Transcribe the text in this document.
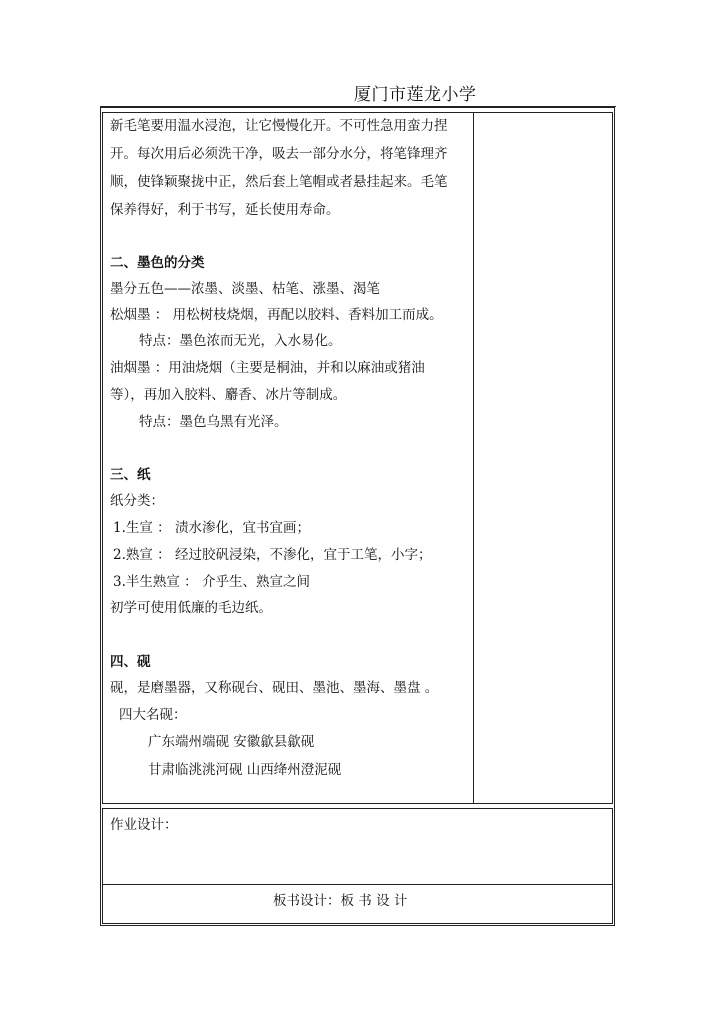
厦门市莲龙小学
新毛笔要用温水浸泡，让它慢慢化开。不可性急用蛮力捏
开。每次用后必须洗干净，吸去一部分水分，将笔锋理齐
顺，使锋颖聚拢中正，然后套上笔帽或者悬挂起来。毛笔
保养得好，利于书写，延长使用寿命。
二、墨色的分类
墨分五色——浓墨、淡墨、枯笔、涨墨、渴笔
松烟墨 ： 用松树枝烧烟，再配以胶料、香料加工而成。
特点：墨色浓而无光，入水易化。
油烟墨 ：用油烧烟（主要是桐油，并和以麻油或猪油
等），再加入胶料、麝香、冰片等制成。
特点：墨色乌黑有光泽。
三、纸
纸分类：
1.生宣 ： 渍水渗化，宜书宜画；
2.熟宣 ： 经过胶矾浸染，不渗化，宜于工笔，小字；
3.半生熟宣 ： 介乎生、熟宣之间
初学可使用低廉的毛边纸。
四、砚
砚，是磨墨器，又称砚台、砚田、墨池、墨海、墨盘 。
四大名砚：
广东端州端砚 安徽歙县歙砚
甘肃临洮洮河砚 山西绛州澄泥砚
作业设计：
板书设计：板 书 设 计
